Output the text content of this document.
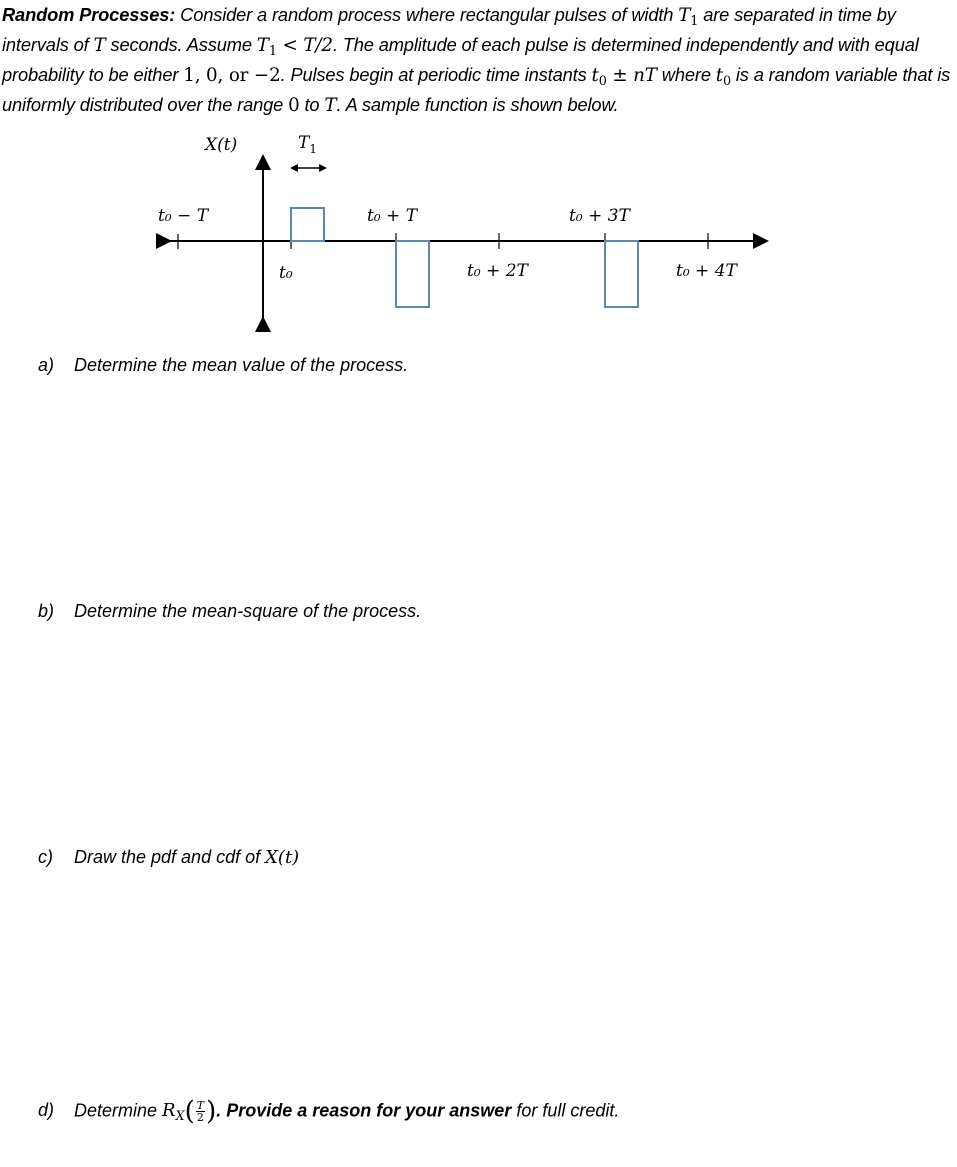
Random Processes: Consider a random process where rectangular pulses of width $T_1$ are separated in time by intervals of T seconds. Assume $T_1 < T/2$. The amplitude of each pulse is determined independently and with equal probability to be either 1, 0, or −2. Pulses begin at periodic time instants $t_0$ ± nT where $t_0$ is a random variable that is uniformly distributed over the range 0 to T. A sample function is shown below.
X(t)	$T_1$
t₀ − T
t₀
t₀ + T
t₀ + 2T
t₀ + 3T
t₀ + 4T
a) Determine the mean value of the process.
b) Determine the mean-square of the process.
c) Draw the pdf and cdf of X(t)
d) Determine $R_X( \frac{T}{2}$ ). Provide a reason for your answer for full credit.
